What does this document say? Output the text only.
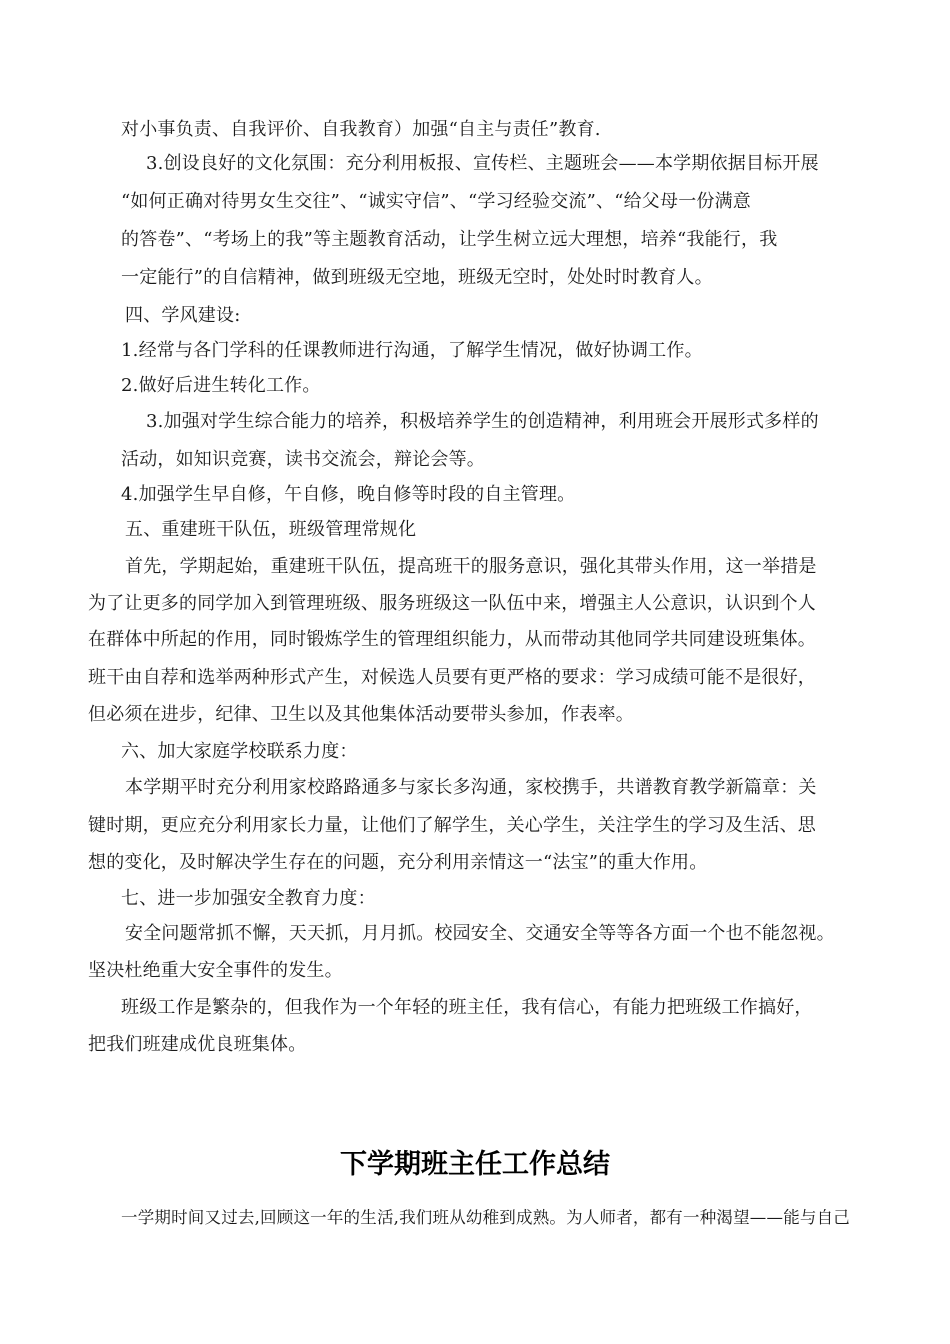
对小事负责、自我评价、自我教育）加强“自主与责任”教育.
3.创设良好的文化氛围：充分利用板报、宣传栏、主题班会——本学期依据目标开展
“如何正确对待男女生交往”、“诚实守信”、“学习经验交流”、“给父母一份满意
的答卷”、“考场上的我”等主题教育活动，让学生树立远大理想，培养“我能行，我
一定能行”的自信精神，做到班级无空地，班级无空时，处处时时教育人。
四、学风建设:
1.经常与各门学科的任课教师进行沟通，了解学生情况，做好协调工作。
2.做好后进生转化工作。
3.加强对学生综合能力的培养，积极培养学生的创造精神，利用班会开展形式多样的
活动，如知识竞赛，读书交流会，辩论会等。
4.加强学生早自修，午自修，晚自修等时段的自主管理。
五、重建班干队伍，班级管理常规化
首先，学期起始，重建班干队伍，提高班干的服务意识，强化其带头作用，这一举措是
为了让更多的同学加入到管理班级、服务班级这一队伍中来，增强主人公意识，认识到个人
在群体中所起的作用，同时锻炼学生的管理组织能力，从而带动其他同学共同建设班集体。
班干由自荐和选举两种形式产生，对候选人员要有更严格的要求：学习成绩可能不是很好，
但必须在进步，纪律、卫生以及其他集体活动要带头参加，作表率。
六、加大家庭学校联系力度：
本学期平时充分利用家校路路通多与家长多沟通，家校携手，共谱教育教学新篇章：关
键时期，更应充分利用家长力量，让他们了解学生，关心学生，关注学生的学习及生活、思
想的变化，及时解决学生存在的问题，充分利用亲情这一“法宝”的重大作用。
七、进一步加强安全教育力度：
安全问题常抓不懈，天天抓，月月抓。校园安全、交通安全等等各方面一个也不能忽视。
坚决杜绝重大安全事件的发生。
班级工作是繁杂的，但我作为一个年轻的班主任，我有信心，有能力把班级工作搞好，
把我们班建成优良班集体。
下学期班主任工作总结
一学期时间又过去,回顾这一年的生活,我们班从幼稚到成熟。为人师者，都有一种渴望——能与自己
